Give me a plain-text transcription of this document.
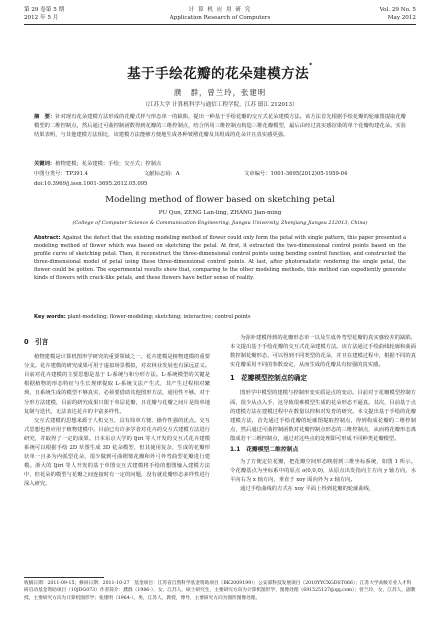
第 29 卷第 5 期
2012 年 5 月
计 算 机 应 用 研 究
Application Research of Computers
Vol. 29 No. 5
May 2012
基于手绘花瓣的花朵建模方法*
濮　群，曾兰玲，张建明
（江苏大学 计算机科学与通信工程学院，江苏 镇江 212013）
摘　要：针对现有花朵建模方法形成的花瓣式样与形态单一的缺陷，提出一种基于手绘花瓣的交互式花朵建模方法。该方法首先根据手绘花瓣的轮廓图提取花瓣模型的二维控制点，然后通过可曲控制函数得到花瓣的三维控制点，结合所用三维控制点构造三维花瓣模型，最后由经过真实感渲染的单个花瓣构建花朵。实验结果表明，与其他建模方法相比，该建模方法能够方便地生成各种皱褶花瓣及其组成的花朵并且真实感更强。
关键词：植物建模；花朵建模；手绘；交互式；控制点
中图分类号：TP391.4	文献标志码：A	文章编号：1001-3695(2012)05-1959-04
doi:10.3969/j.issn.1001-3695.2012.05.095
Modeling method of flower based on sketching petal
PU Qun, ZENG Lan-ling, ZHANG Jian-ming
(College of Computer Science & Communication Engineering, Jiangsu University, Zhenjiang Jiangsu 212013, China)
Abstract: Against the defect that the existing modeling method of flower could only form the petal with single pattern, this paper presented a modeling method of flower which was based on sketching the petal. At first, it extracted the two-dimensional control points based on the profile curve of sketching petal. Then, it reconstruct the three-dimensional control points using bending control function, and constructed the three-dimensional model of petal using these three-dimensional control points. At last, after photorealistic rendering the single petal, the flower could be gotten. The experimental results show that, comparing to the other modeling methods, this method can expediently generate kinds of flowers with crack-like petals, and these flowers have better sense of reality.
Key words: plant-modeling; flower-modeling; sketching; interactive; control points
0　引言

植物建模是计算机图形学研究的重要领域之一，花卉建模是植物建模的重要分支。花卉建模的研究成果可用于虚拟场景模拟，对农林业发展也有深远意义。目前对花卉建模的主要思想是基于 L-系统与和分形方法。L-系统模型的关键是根据植物的形态特征与生长规律提取 L-系统文法产生式，其产生过程相对繁琐，且系统生成的模型不够真实，必须要借助其他图形方法，通用性不够。对于分形方法建模，目前的研究成果只限于单层花瓣，且花瓣与花瓣之间片是简单地复制与迭代，无法表达花卉的丰富多样性。

交互式建模的思想来源于人机交互，具有简单方便、操作性强的优点。交互式思想也曾应用于植物建模中。目前已有许多学者对花卉的交互式建模方法进行研究，并取得了一定的成果。日本东京大学的 Ijiri 等人开发的交互式花卉建模系统可以根据手绘 2D 草图生成 3D 花朵模型，但其使用复杂，生成的花瓣形状单一且多为内弧型花朵，很少做到可曲褶皱花瓣和外弓外弯曲型花瓣进行建模。浙大的 Ijiri 等人开发的基于草图交互式建模将手绘的想图输入建模方法中，但花朵的模型与花瓣之间连接时有一定的问题，没有就花瓣形态多样性进行深入研究。

为弥补建模得到的花瓣形态单一以及生成外弯型花瓣的真实感较差的缺陷，本文提出基于手绘花瓣的交互式花朵建模方法。该方法通过手绘曲线轮廓和曲面数控制花瓣形态，可以得到不同类型的花朵，并且在建模过程中，根据不同的真实花瓣采用不同的参数设定，从而生成的花瓣具有较强的真实感。

1　花瓣模型控制点的确定

图形学中模型的建模与控制形变实质是点的变动。目前对于花瓣模型控制方面，很少从点入手，这导致很难模型生成的花朵形态不逼真。其次，目前基于点的建模方法在建模过程中在数量以控和对发育的研究。本文提出基于手绘的花瓣建模方法，首先通过手绘花瓣的轮廓图提取控制点，得到构成花瓣的二维控制点，然后通过可曲控制函数对花瓣控制点形态的三维控制点，从而将花瓣形态离散成若干三维控制点，通过对这些点的处理即可形成不同种类花瓣模型。

1.1　花瓣模型二维控制点

为了方便定位花瓣，把花瓣空间形态映射到三维坐标系统，如图 1 所示。令花瓣基点为坐标系中的原点 o(0,0,0)，从原点出发指向主方向 y 轴方向，水平向右为 x 轴方向，垂直于 xoy 面向外为 z 轴方向。

通过手绘曲线的方式在 xoy 平面上得到花瓣的轮廓曲线，

收稿日期：2011-09-15；修回日期：2011-10-27　基金项目：江苏省自然科学基金资助项目（BK2009199）；公安部科技发展项目（2010YYCXGDST066）；江苏大学高级专业人才科研启动基金资助项目（10JDG073）作者简介：濮群（1986-），女，江苏人，硕士研究生，主要研究方向为计算机图形学、图像处理（691525127@qq.com）；曾兰玲，女，江苏人，副教授，主要研究方向为计算机图形学；张建明（1964-），男，江苏人，教授，博导，主要研究方向为图形图像处理。
